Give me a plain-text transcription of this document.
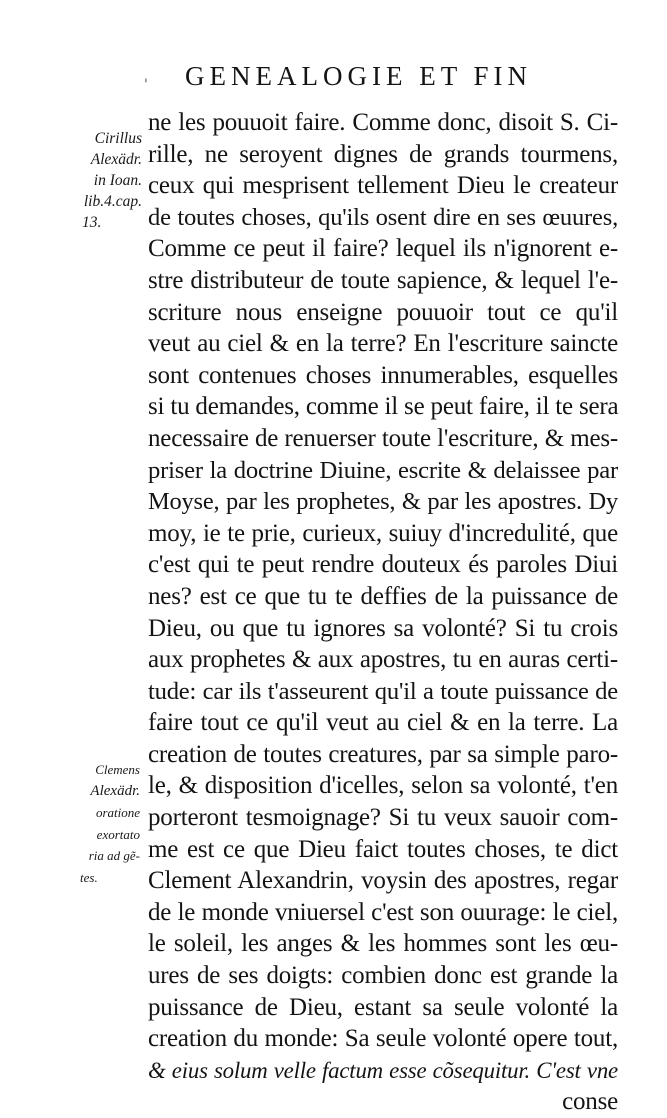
' GENEALOGIE ET FIN
Cirillus
Alexädr.
in Ioan.
lib.4.cap.
13.
Clemens
Alexädr.
oratione
exortato
ria ad gẽ-
tes.
ne les pouuoit faire. Comme donc, disoit S. Ci-
rille, ne seroyent dignes de grands tourmens,
ceux qui mesprisent tellement Dieu le createur
de toutes choses, qu'ils osent dire en ses œuures,
Comme ce peut il faire? lequel ils n'ignorent e-
stre distributeur de toute sapience, & lequel l'e-
scriture nous enseigne pouuoir tout ce qu'il
veut au ciel & en la terre? En l'escriture saincte
sont contenues choses innumerables, esquelles
si tu demandes, comme il se peut faire, il te sera
necessaire de renuerser toute l'escriture, & mes-
priser la doctrine Diuine, escrite & delaissee par
Moyse, par les prophetes, & par les apostres. Dy
moy, ie te prie, curieux, suiuy d'incredulité, que
c'est qui te peut rendre douteux és paroles Diui
nes? est ce que tu te deffies de la puissance de
Dieu, ou que tu ignores sa volonté? Si tu crois
aux prophetes & aux apostres, tu en auras certi-
tude: car ils t'asseurent qu'il a toute puissance de
faire tout ce qu'il veut au ciel & en la terre. La
creation de toutes creatures, par sa simple paro-
le, & disposition d'icelles, selon sa volonté, t'en
porteront tesmoignage? Si tu veux sauoir com-
me est ce que Dieu faict toutes choses, te dict
Clement Alexandrin, voysin des apostres, regar
de le monde vniuersel c'est son ouurage: le ciel,
le soleil, les anges & les hommes sont les œu-
ures de ses doigts: combien donc est grande la
puissance de Dieu, estant sa seule volonté la
creation du monde: Sa seule volonté opere tout,
& eius solum velle factum esse cõsequitur. C'est vne
conse
